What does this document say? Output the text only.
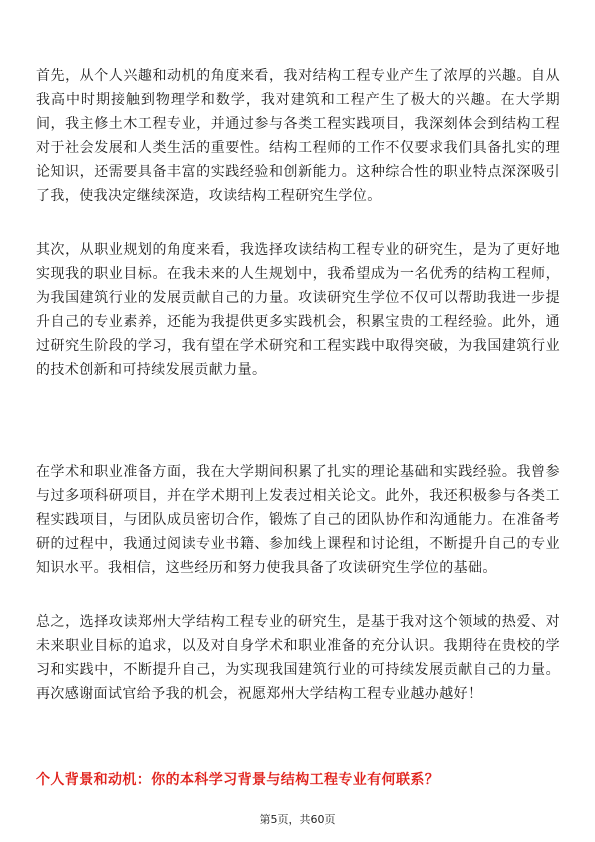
首先，从个人兴趣和动机的角度来看，我对结构工程专业产生了浓厚的兴趣。自从我高中时期接触到物理学和数学，我对建筑和工程产生了极大的兴趣。在大学期间，我主修土木工程专业，并通过参与各类工程实践项目，我深刻体会到结构工程对于社会发展和人类生活的重要性。结构工程师的工作不仅要求我们具备扎实的理论知识，还需要具备丰富的实践经验和创新能力。这种综合性的职业特点深深吸引了我，使我决定继续深造，攻读结构工程研究生学位。

其次，从职业规划的角度来看，我选择攻读结构工程专业的研究生，是为了更好地实现我的职业目标。在我未来的人生规划中，我希望成为一名优秀的结构工程师，为我国建筑行业的发展贡献自己的力量。攻读研究生学位不仅可以帮助我进一步提升自己的专业素养，还能为我提供更多实践机会，积累宝贵的工程经验。此外，通过研究生阶段的学习，我有望在学术研究和工程实践中取得突破，为我国建筑行业的技术创新和可持续发展贡献力量。

在学术和职业准备方面，我在大学期间积累了扎实的理论基础和实践经验。我曾参与过多项科研项目，并在学术期刊上发表过相关论文。此外，我还积极参与各类工程实践项目，与团队成员密切合作，锻炼了自己的团队协作和沟通能力。在准备考研的过程中，我通过阅读专业书籍、参加线上课程和讨论组，不断提升自己的专业知识水平。我相信，这些经历和努力使我具备了攻读研究生学位的基础。

总之，选择攻读郑州大学结构工程专业的研究生，是基于我对这个领域的热爱、对未来职业目标的追求，以及对自身学术和职业准备的充分认识。我期待在贵校的学习和实践中，不断提升自己，为实现我国建筑行业的可持续发展贡献自己的力量。再次感谢面试官给予我的机会，祝愿郑州大学结构工程专业越办越好！

个人背景和动机：你的本科学习背景与结构工程专业有何联系？

第5页，共60页
